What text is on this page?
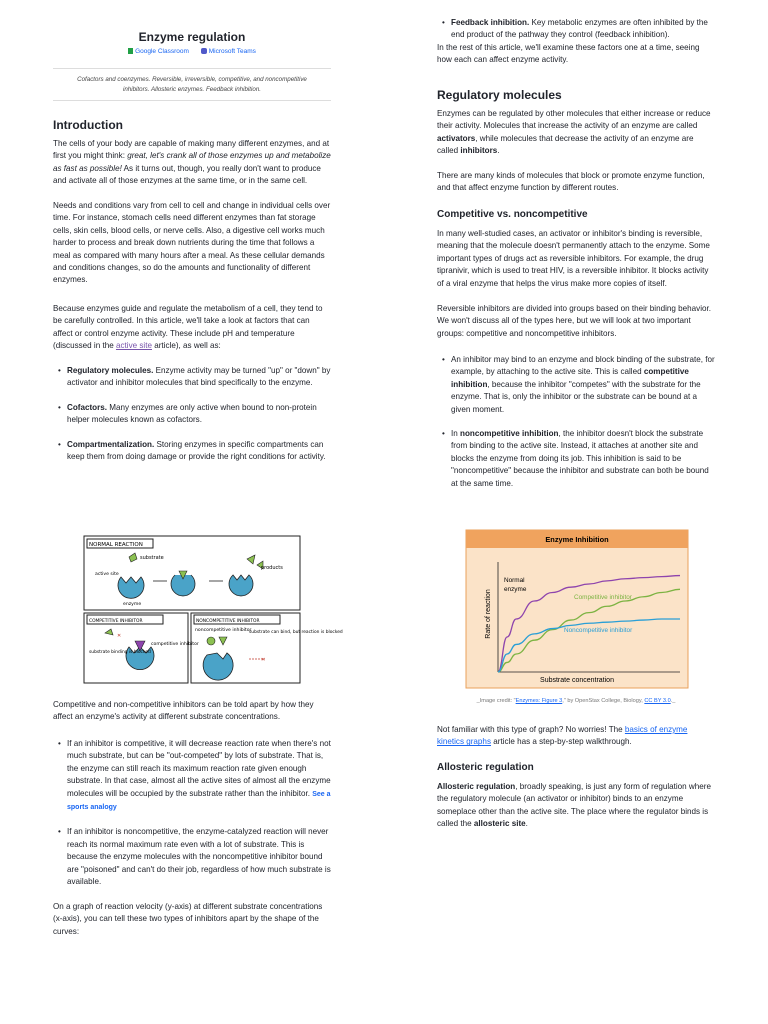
Enzyme regulation
Google Classroom	Microsoft Teams
Cofactors and coenzymes. Reversible, irreversible, competitive, and noncompetitive inhibitors. Allosteric enzymes. Feedback inhibition.
Introduction

The cells of your body are capable of making many different enzymes, and at first you might think: great, let's crank all of those enzymes up and metabolize as fast as possible! As it turns out, though, you really don't want to produce and activate all of those enzymes at the same time, or in the same cell.

Needs and conditions vary from cell to cell and change in individual cells over time. For instance, stomach cells need different enzymes than fat storage cells, skin cells, blood cells, or nerve cells. Also, a digestive cell works much harder to process and break down nutrients during the time that follows a meal as compared with many hours after a meal. As these cellular demands and conditions changes, so do the amounts and functionality of different enzymes.

Because enzymes guide and regulate the metabolism of a cell, they tend to be carefully controlled. In this article, we'll take a look at factors that can affect or control enzyme activity. These include pH and temperature (discussed in the active site article), as well as:

• Regulatory molecules. Enzyme activity may be turned "up" or "down" by activator and inhibitor molecules that bind specifically to the enzyme.
• Cofactors. Many enzymes are only active when bound to non-protein helper molecules known as cofactors.
• Compartmentalization. Storing enzymes in specific compartments can keep them from doing damage or provide the right conditions for activity.
NORMAL REACTION
COMPETITIVE INHIBITOR	NONCOMPETITIVE INHIBITOR
substrate
active site
enzyme
products
✕
competitive inhibitor
substrate binding is blocked
noncompetitive inhibitor
substrate can bind, but reaction is blocked
✕

Competitive and non-competitive inhibitors can be told apart by how they affect an enzyme's activity at different substrate concentrations.

• If an inhibitor is competitive, it will decrease reaction rate when there's not much substrate, but can be "out-competed" by lots of substrate. That is, the enzyme can still reach its maximum reaction rate given enough substrate. In that case, almost all the active sites of almost all the enzyme molecules will be occupied by the substrate rather than the inhibitor. See a sports analogy
• If an inhibitor is noncompetitive, the enzyme-catalyzed reaction will never reach its normal maximum rate even with a lot of substrate. This is because the enzyme molecules with the noncompetitive inhibitor bound are "poisoned" and can't do their job, regardless of how much substrate is available.

On a graph of reaction velocity (y-axis) at different substrate concentrations (x-axis), you can tell these two types of inhibitors apart by the shape of the curves:

• Feedback inhibition. Key metabolic enzymes are often inhibited by the end product of the pathway they control (feedback inhibition).

In the rest of this article, we'll examine these factors one at a time, seeing how each can affect enzyme activity.

Regulatory molecules

Enzymes can be regulated by other molecules that either increase or reduce their activity. Molecules that increase the activity of an enzyme are called activators, while molecules that decrease the activity of an enzyme are called inhibitors.

There are many kinds of molecules that block or promote enzyme function, and that affect enzyme function by different routes.

Competitive vs. noncompetitive

In many well-studied cases, an activator or inhibitor's binding is reversible, meaning that the molecule doesn't permanently attach to the enzyme. Some important types of drugs act as reversible inhibitors. For example, the drug tipranivir, which is used to treat HIV, is a reversible inhibitor. It blocks activity of a viral enzyme that helps the virus make more copies of itself.

Reversible inhibitors are divided into groups based on their binding behavior. We won't discuss all of the types here, but we will look at two important groups: competitive and noncompetitive inhibitors.

• An inhibitor may bind to an enzyme and block binding of the substrate, for example, by attaching to the active site. This is called competitive inhibition, because the inhibitor "competes" with the substrate for the enzyme. That is, only the inhibitor or the substrate can be bound at a given moment.
• In noncompetitive inhibition, the inhibitor doesn't block the substrate from binding to the active site. Instead, it attaches at another site and blocks the enzyme from doing its job. This inhibition is said to be "noncompetitive" because the inhibitor and substrate can both be bound at the same time.
Enzyme Inhibition
Substrate concentration
Rate of reaction
Normal
enzyme
Competitive inhibitor
Noncompetitive inhibitor
_Image credit: "Enzymes: Figure 3," by OpenStax College, Biology, CC BY 3.0._

Not familiar with this type of graph? No worries! The basics of enzyme kinetics graphs article has a step-by-step walkthrough.

Allosteric regulation

Allosteric regulation, broadly speaking, is just any form of regulation where the regulatory molecule (an activator or inhibitor) binds to an enzyme someplace other than the active site. The place where the regulator binds is called the allosteric site.
